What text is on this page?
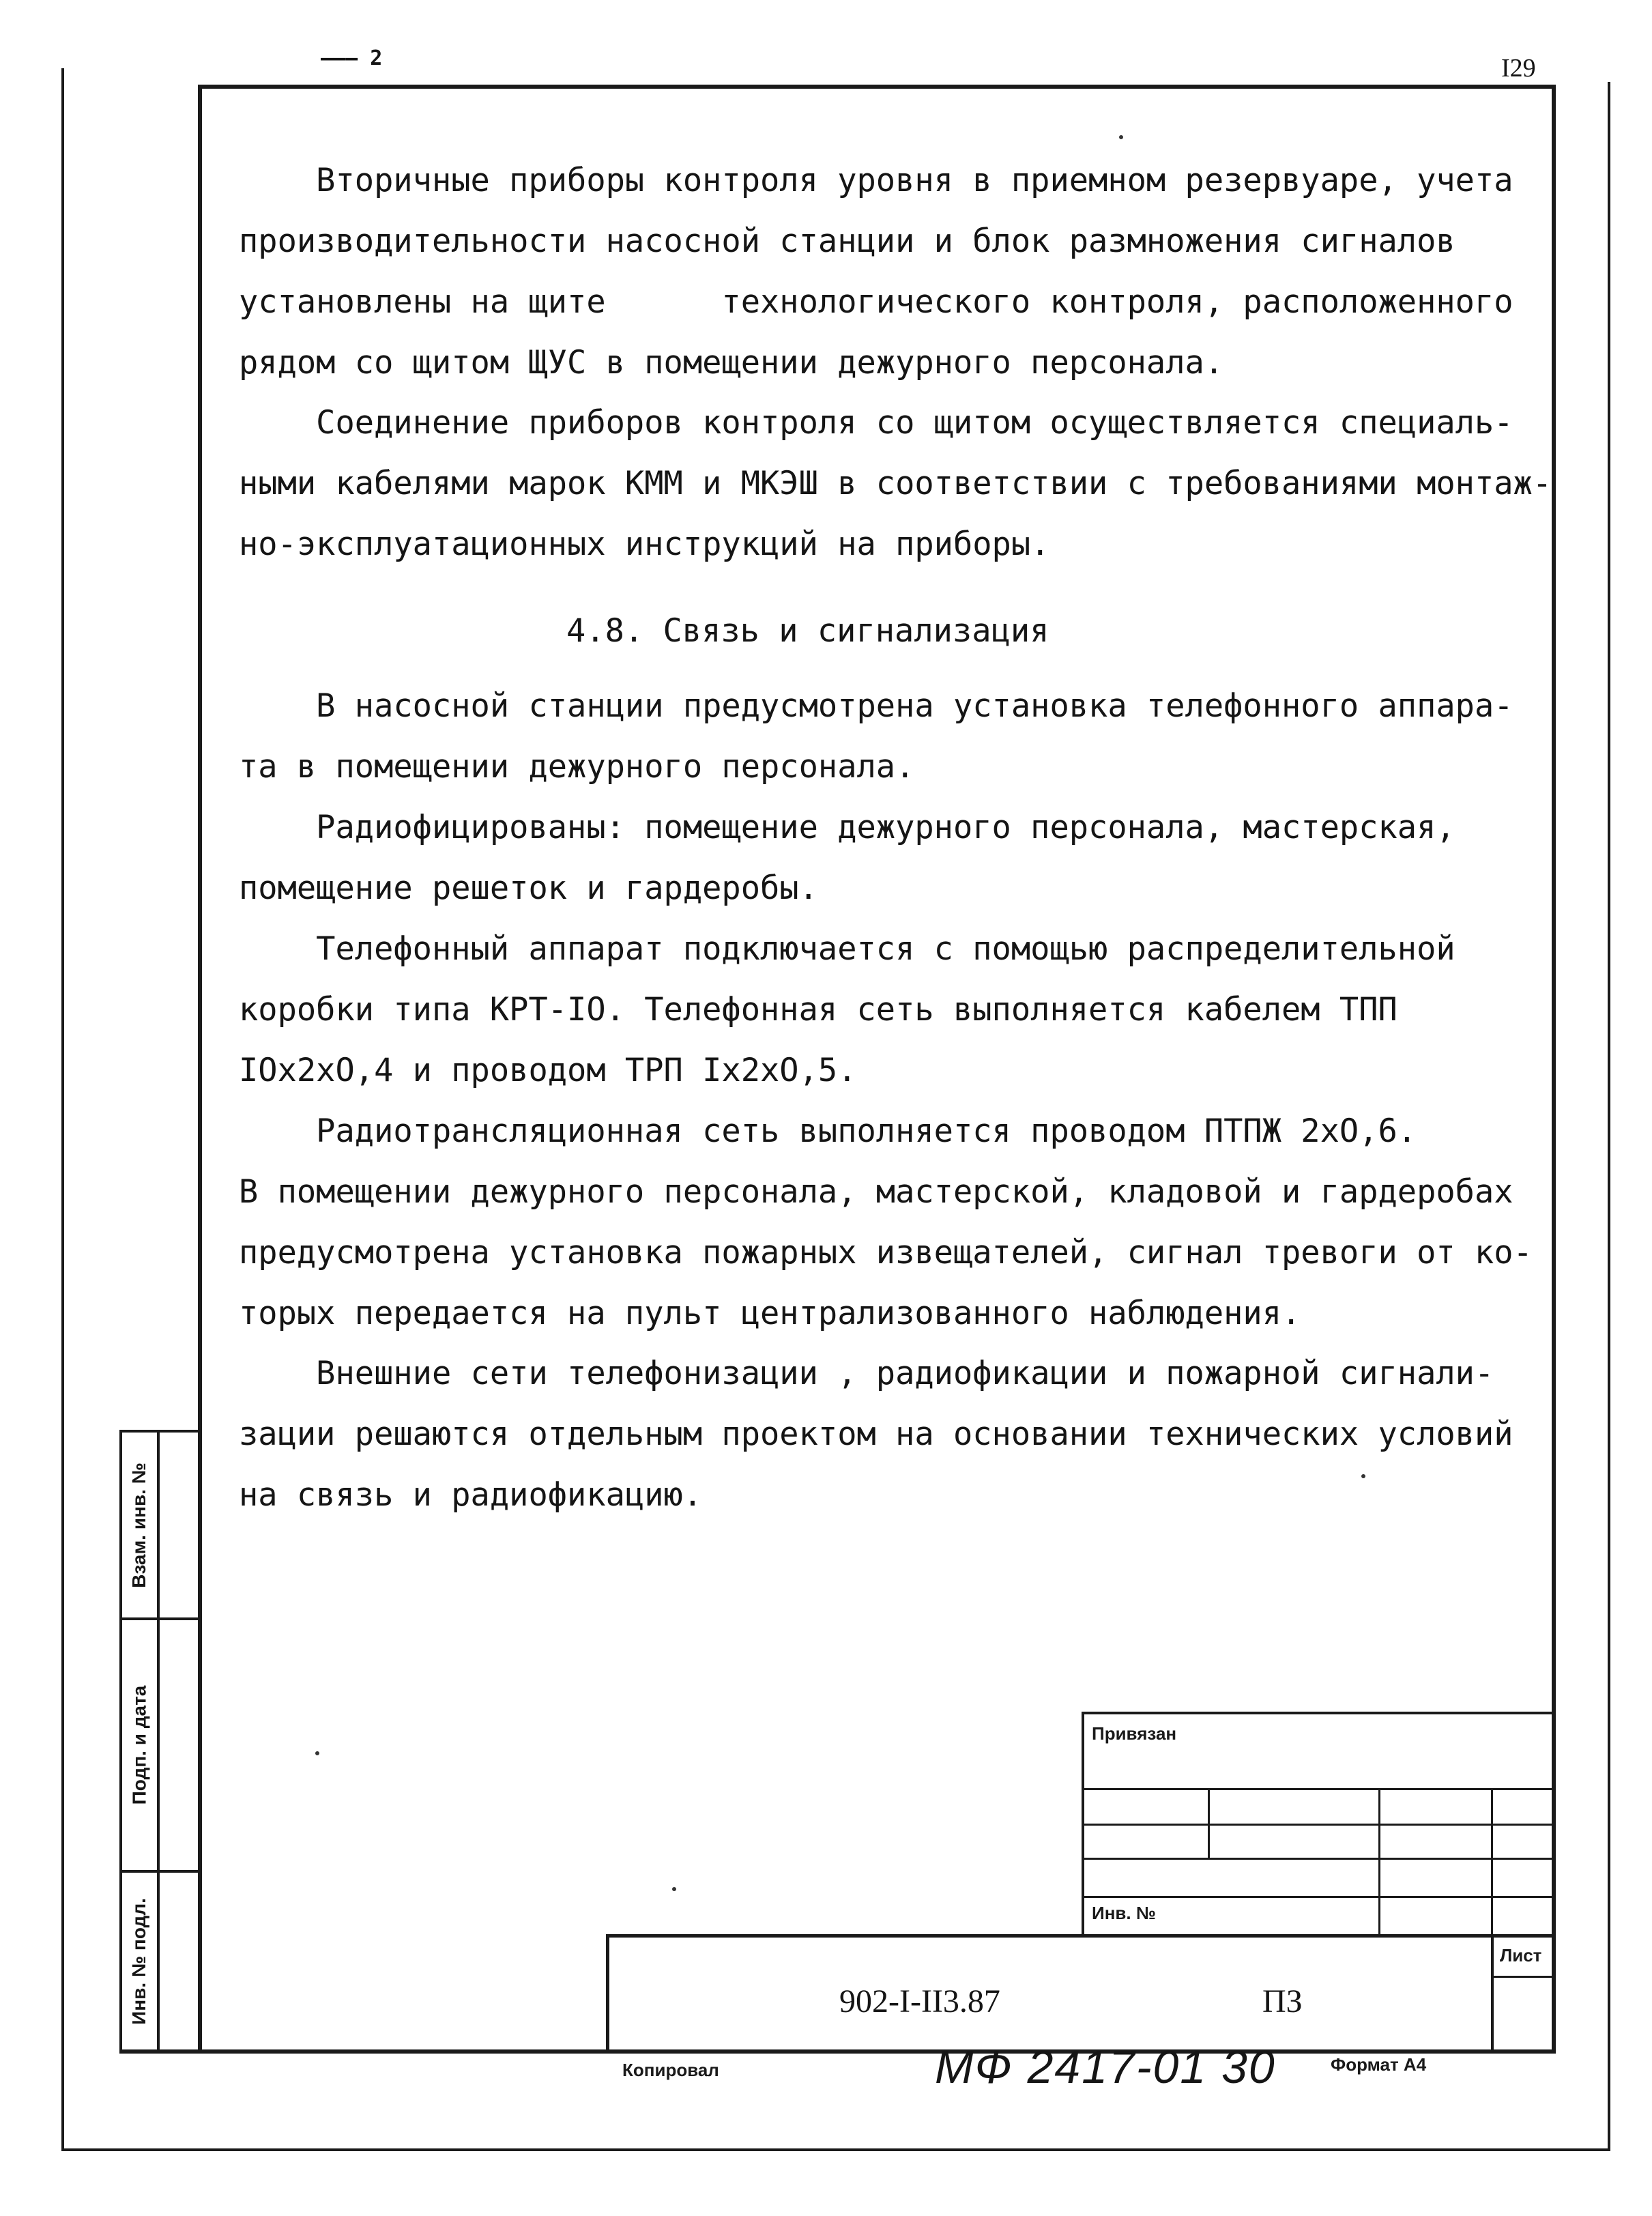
——— 2	I29
Вторичные приборы контроля уровня в приемном резервуаре, учета
производительности насосной станции и блок размножения сигналов
установлены на щите      технологического контроля, расположенного
рядом со щитом ЩУС в помещении дежурного персонала.
Соединение приборов контроля со щитом осуществляется специаль-
ными кабелями марок КММ и МКЭШ в соответствии с требованиями монтаж-
но-эксплуатационных инструкций на приборы.
4.8. Связь и сигнализация
В насосной станции предусмотрена установка телефонного аппара-
та в помещении дежурного персонала.
Радиофицированы: помещение дежурного персонала, мастерская,
помещение решеток и гардеробы.
Телефонный аппарат подключается с помощью распределительной
коробки типа КРТ-IO. Телефонная сеть выполняется кабелем ТПП
IOх2хО,4 и проводом ТРП Iх2хО,5.
Радиотрансляционная сеть выполняется проводом ПТПЖ 2хО,6.
В помещении дежурного персонала, мастерской, кладовой и гардеробах
предусмотрена установка пожарных извещателей, сигнал тревоги от ко-
торых передается на пульт централизованного наблюдения.
Внешние сети телефонизации , радиофикации и пожарной сигнали-
зации решаются отдельным проектом на основании технических условий
на связь и радиофикацию.
Взам. инв. №
Подп. и дата
Инв. № подл.
Привязан
Инв. №
Лист
902-I-II3.87	ПЗ
Копировал	МФ 2417-01 30	Формат А4
